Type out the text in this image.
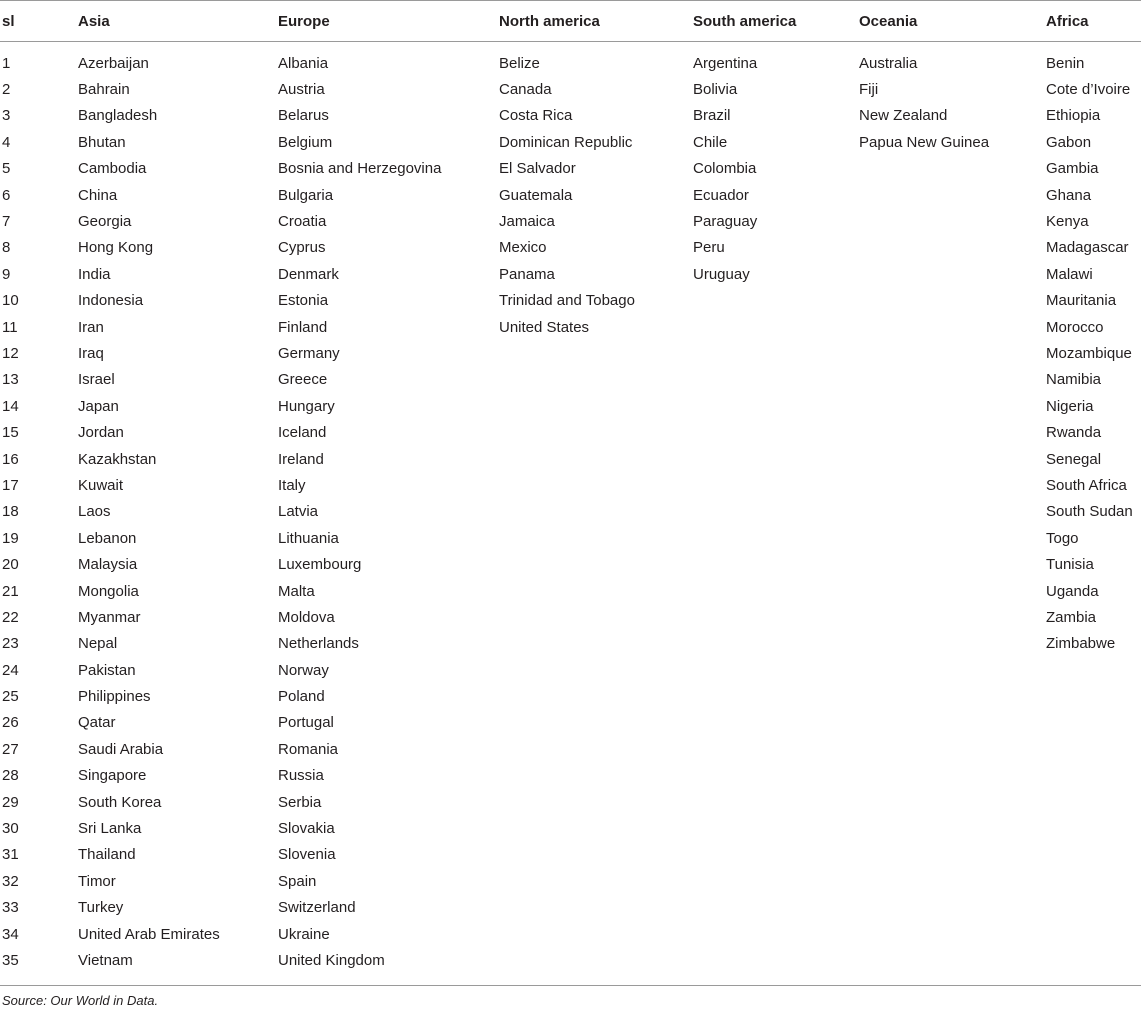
sl	Asia	Europe	North america	South america	Oceania	Africa
1	Azerbaijan	Albania	Belize	Argentina	Australia	Benin
2	Bahrain	Austria	Canada	Bolivia	Fiji	Cote d’Ivoire
3	Bangladesh	Belarus	Costa Rica	Brazil	New Zealand	Ethiopia
4	Bhutan	Belgium	Dominican Republic	Chile	Papua New Guinea	Gabon
5	Cambodia	Bosnia and Herzegovina	El Salvador	Colombia		Gambia
6	China	Bulgaria	Guatemala	Ecuador		Ghana
7	Georgia	Croatia	Jamaica	Paraguay		Kenya
8	Hong Kong	Cyprus	Mexico	Peru		Madagascar
9	India	Denmark	Panama	Uruguay		Malawi
10	Indonesia	Estonia	Trinidad and Tobago			Mauritania
11	Iran	Finland	United States			Morocco
12	Iraq	Germany				Mozambique
13	Israel	Greece				Namibia
14	Japan	Hungary				Nigeria
15	Jordan	Iceland				Rwanda
16	Kazakhstan	Ireland				Senegal
17	Kuwait	Italy				South Africa
18	Laos	Latvia				South Sudan
19	Lebanon	Lithuania				Togo
20	Malaysia	Luxembourg				Tunisia
21	Mongolia	Malta				Uganda
22	Myanmar	Moldova				Zambia
23	Nepal	Netherlands				Zimbabwe
24	Pakistan	Norway				
25	Philippines	Poland				
26	Qatar	Portugal				
27	Saudi Arabia	Romania				
28	Singapore	Russia				
29	South Korea	Serbia				
30	Sri Lanka	Slovakia				
31	Thailand	Slovenia				
32	Timor	Spain				
33	Turkey	Switzerland				
34	United Arab Emirates	Ukraine				
35	Vietnam	United Kingdom				
Source: Our World in Data.
